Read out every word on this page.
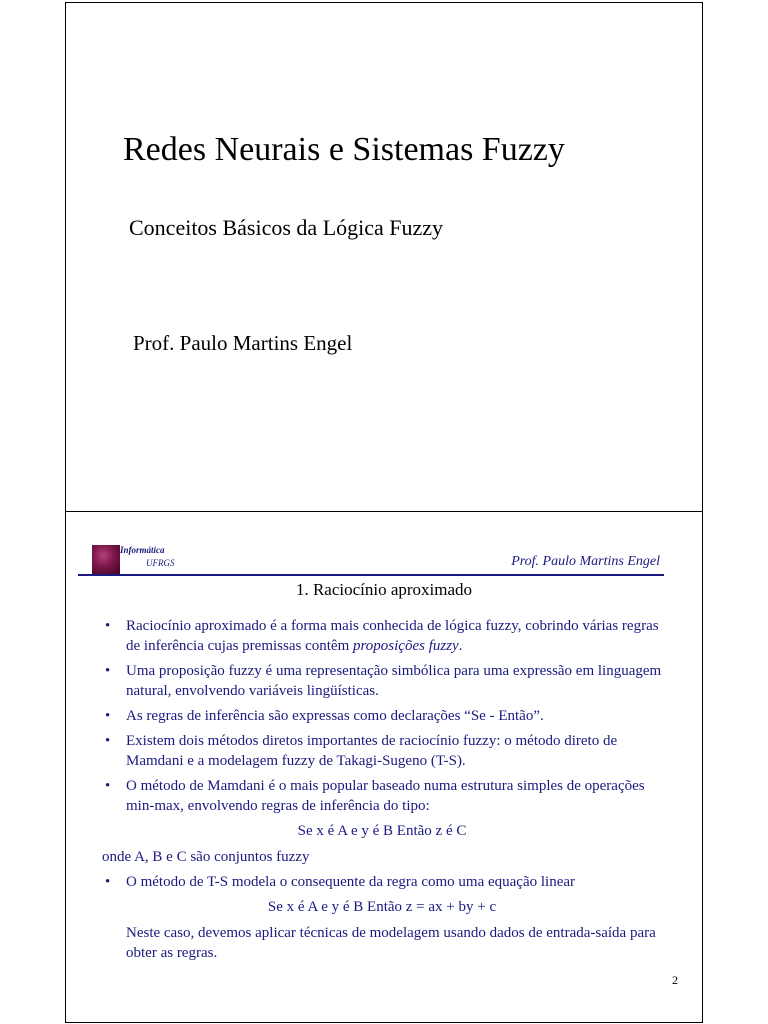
Redes Neurais e Sistemas Fuzzy
Conceitos Básicos da Lógica Fuzzy
Prof. Paulo Martins Engel
Informática
UFRGS	Prof. Paulo Martins Engel
1. Raciocínio aproximado
• Raciocínio aproximado é a forma mais conhecida de lógica fuzzy, cobrindo várias regras de inferência cujas premissas contêm proposições fuzzy.
• Uma proposição fuzzy é uma representação simbólica para uma expressão em linguagem natural, envolvendo variáveis lingüísticas.
• As regras de inferência são expressas como declarações “Se - Então”.
• Existem dois métodos diretos importantes de raciocínio fuzzy: o método direto de Mamdani e a modelagem fuzzy de Takagi-Sugeno (T-S).
• O método de Mamdani é o mais popular baseado numa estrutura simples de operações min-max, envolvendo regras de inferência do tipo:
Se x é A e y é B Então z é C
onde A, B e C são conjuntos fuzzy
• O método de T-S modela o consequente da regra como uma equação linear
Se x é A e y é B Então z = ax + by + c
Neste caso, devemos aplicar técnicas de modelagem usando dados de entrada-saída para obter as regras.
2
